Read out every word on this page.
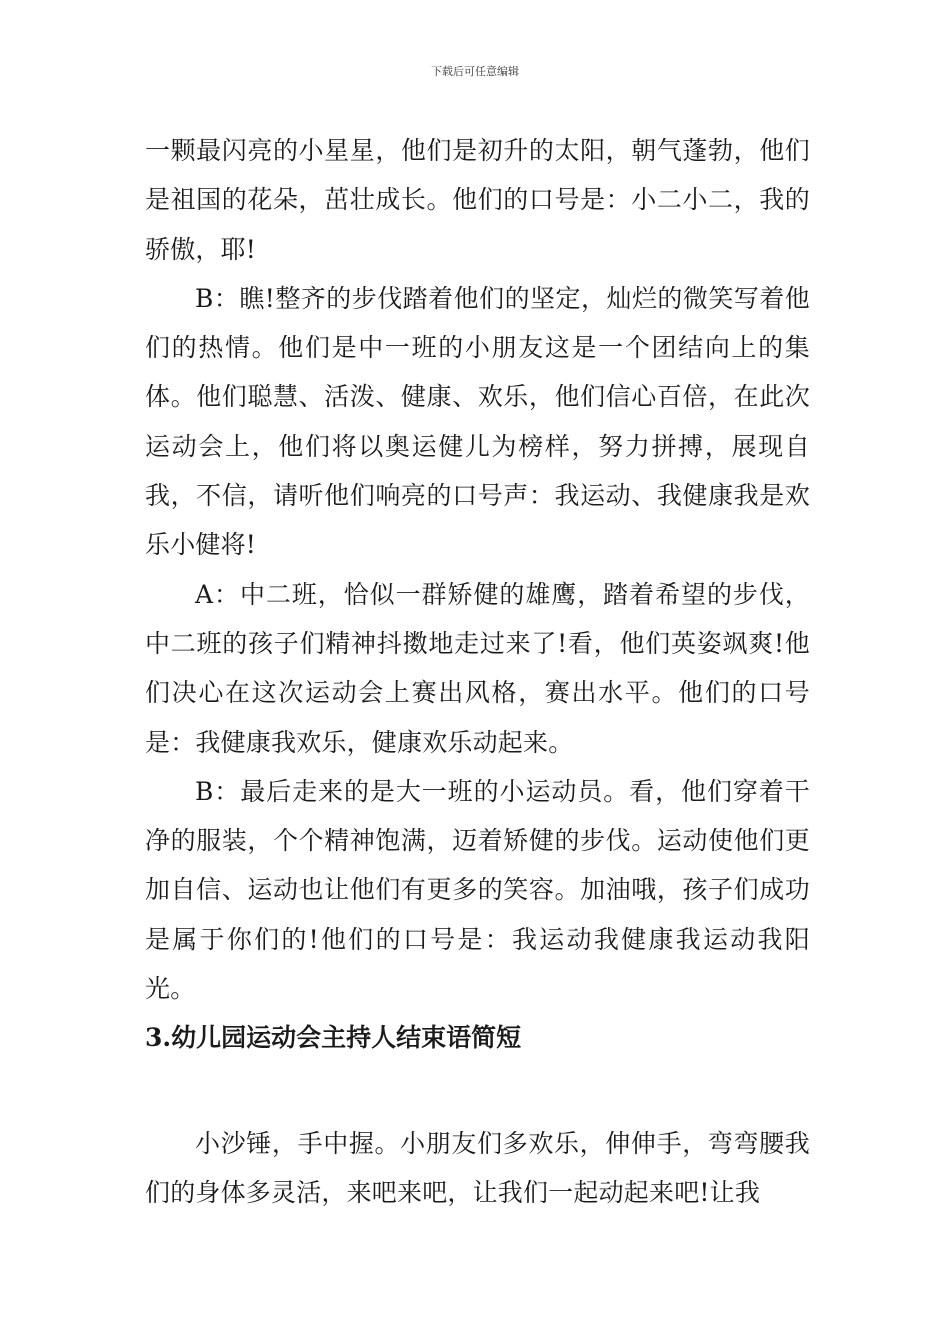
下载后可任意编辑

一颗最闪亮的小星星，他们是初升的太阳，朝气蓬勃，他们是祖国的花朵，茁壮成长。他们的口号是：小二小二，我的骄傲，耶!

B：瞧!整齐的步伐踏着他们的坚定，灿烂的微笑写着他们的热情。他们是中一班的小朋友这是一个团结向上的集体。他们聪慧、活泼、健康、欢乐，他们信心百倍，在此次运动会上，他们将以奥运健儿为榜样，努力拼搏，展现自我，不信，请听他们响亮的口号声：我运动、我健康我是欢乐小健将!

A：中二班，恰似一群矫健的雄鹰，踏着希望的步伐，中二班的孩子们精神抖擞地走过来了!看，他们英姿飒爽!他们决心在这次运动会上赛出风格，赛出水平。他们的口号是：我健康我欢乐，健康欢乐动起来。

B：最后走来的是大一班的小运动员。看，他们穿着干净的服装，个个精神饱满，迈着矫健的步伐。运动使他们更加自信、运动也让他们有更多的笑容。加油哦，孩子们成功是属于你们的!他们的口号是：我运动我健康我运动我阳光。

3.幼儿园运动会主持人结束语简短

小沙锤，手中握。小朋友们多欢乐，伸伸手，弯弯腰我们的身体多灵活，来吧来吧，让我们一起动起来吧!让我
